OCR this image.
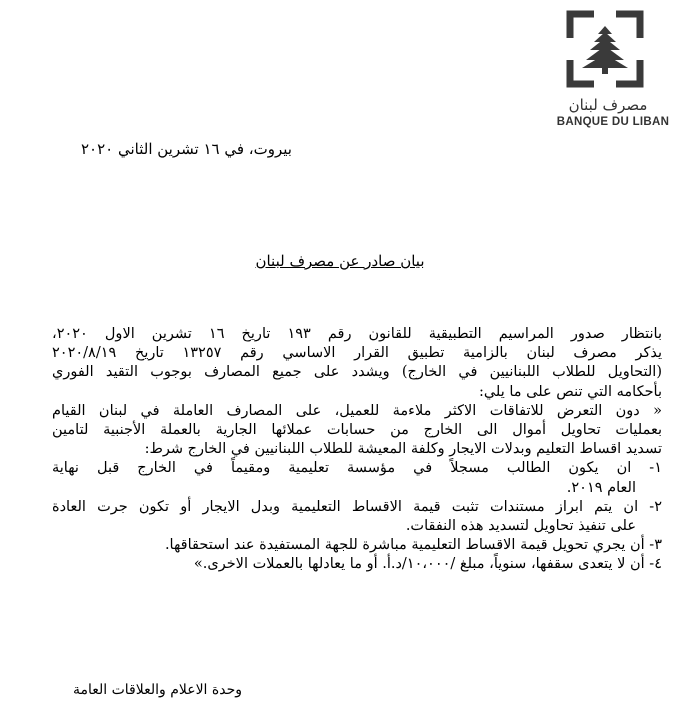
مصرف لبنان
BANQUE DU LIBAN
بيروت، في ١٦ تشرين الثاني ٢٠٢٠
بيان صادر عن مصرف لبنان
بانتظار صدور المراسيم التطبيقية للقانون رقم ١٩٣ تاريخ ١٦ تشرين الاول ٢٠٢٠،
يذكر مصرف لبنان بالزامية تطبيق القرار الاساسي رقم ١٣٢٥٧ تاريخ ٢٠٢٠/٨/١٩
(التحاويل للطلاب اللبنانيين في الخارج) ويشدد على جميع المصارف بوجوب التقيد الفوري
بأحكامه التي تنص على ما يلي:
« دون التعرض للاتفاقات الاكثر ملاءمة للعميل، على المصارف العاملة في لبنان القيام
بعمليات تحاويل أموال الى الخارج من حسابات عملائها الجارية بالعملة الأجنبية لتامين
تسديد اقساط التعليم وبدلات الايجار وكلفة المعيشة للطلاب اللبنانيين في الخارج شرط:
١- ان يكون الطالب مسجلاً في مؤسسة تعليمية ومقيماً في الخارج قبل نهاية
العام ٢٠١٩.
٢- ان يتم ابراز مستندات تثبت قيمة الاقساط التعليمية وبدل الايجار أو تكون جرت العادة
على تنفيذ تحاويل لتسديد هذه النفقات.
٣- أن يجري تحويل قيمة الاقساط التعليمية مباشرة للجهة المستفيدة عند استحقاقها.
٤- أن لا يتعدى سقفها، سنوياً، مبلغ /١٠،٠٠٠/د.أ. أو ما يعادلها بالعملات الاخرى.»
وحدة الاعلام والعلاقات العامة
